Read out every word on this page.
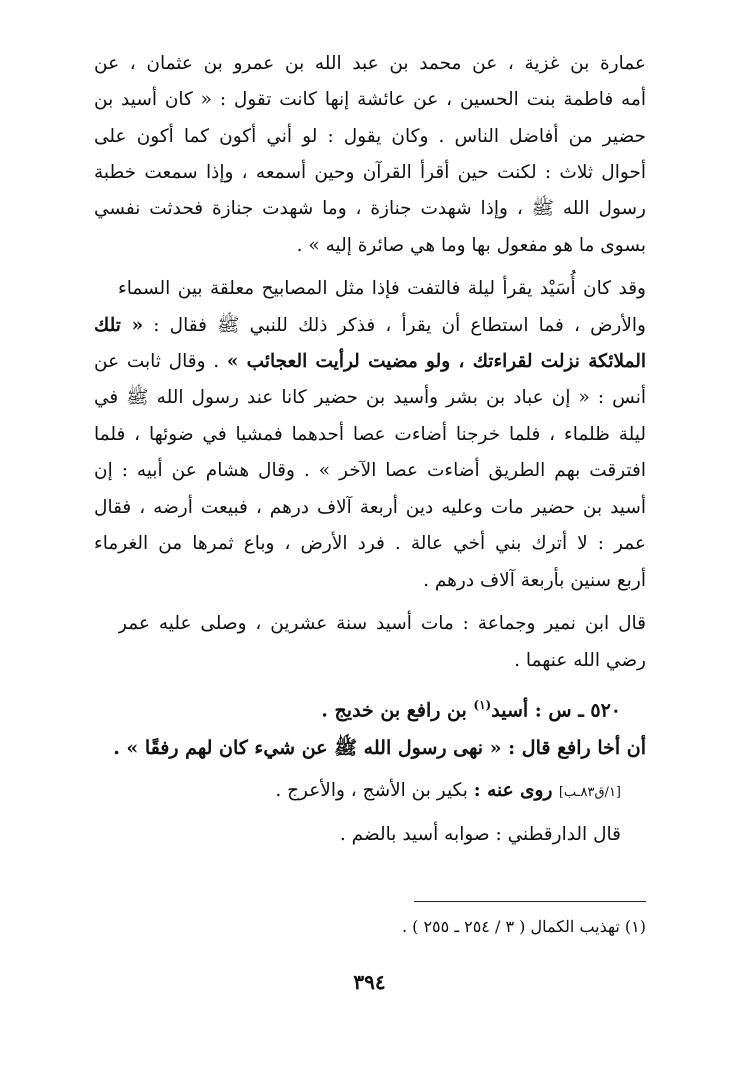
عمارة بن غزية ، عن محمد بن عبد الله بن عمرو بن عثمان ، عن
أمه فاطمة بنت الحسين ، عن عائشة إنها كانت تقول : « كان أسيد بن
حضير من أفاضل الناس . وكان يقول : لو أني أكون كما أكون على
أحوال ثلاث : لكنت حين أقرأ القرآن وحين أسمعه ، وإذا سمعت خطبة
رسول الله ﷺ ، وإذا شهدت جنازة ، وما شهدت جنازة فحدثت نفسي
بسوى ما هو مفعول بها وما هي صائرة إليه » .
وقد كان أُسَيْد يقرأ ليلة فالتفت فإذا مثل المصابيح معلقة بين السماء
والأرض ، فما استطاع أن يقرأ ، فذكر ذلك للنبي ﷺ فقال : « تلك
الملائكة نزلت لقراءتك ، ولو مضيت لرأيت العجائب » . وقال ثابت عن
أنس : « إن عباد بن بشر وأسيد بن حضير كانا عند رسول الله ﷺ في
ليلة ظلماء ، فلما خرجنا أضاءت عصا أحدهما فمشيا في ضوئها ، فلما
افترقت بهم الطريق أضاءت عصا الآخر » . وقال هشام عن أبيه : إن
أسيد بن حضير مات وعليه دين أربعة آلاف درهم ، فبيعت أرضه ، فقال
عمر : لا أترك بني أخي عالة . فرد الأرض ، وباع ثمرها من الغرماء
أربع سنين بأربعة آلاف درهم .
قال ابن نمير وجماعة : مات أسيد سنة عشرين ، وصلى عليه عمر
رضي الله عنهما .
٥٢٠ ـ س : أسيد$^{(١)}$ بن رافع بن خديج .
أن أخا رافع قال : « نهى رسول الله ﷺ عن شيء كان لهم رفقًا » .
[١/ق٨٣ـب] روى عنه : بكير بن الأشج ، والأعرج .
قال الدارقطني : صوابه أسيد بالضم .
(١) تهذيب الكمال ( ٣ / ٢٥٤ ـ ٢٥٥ ) .
٣٩٤
